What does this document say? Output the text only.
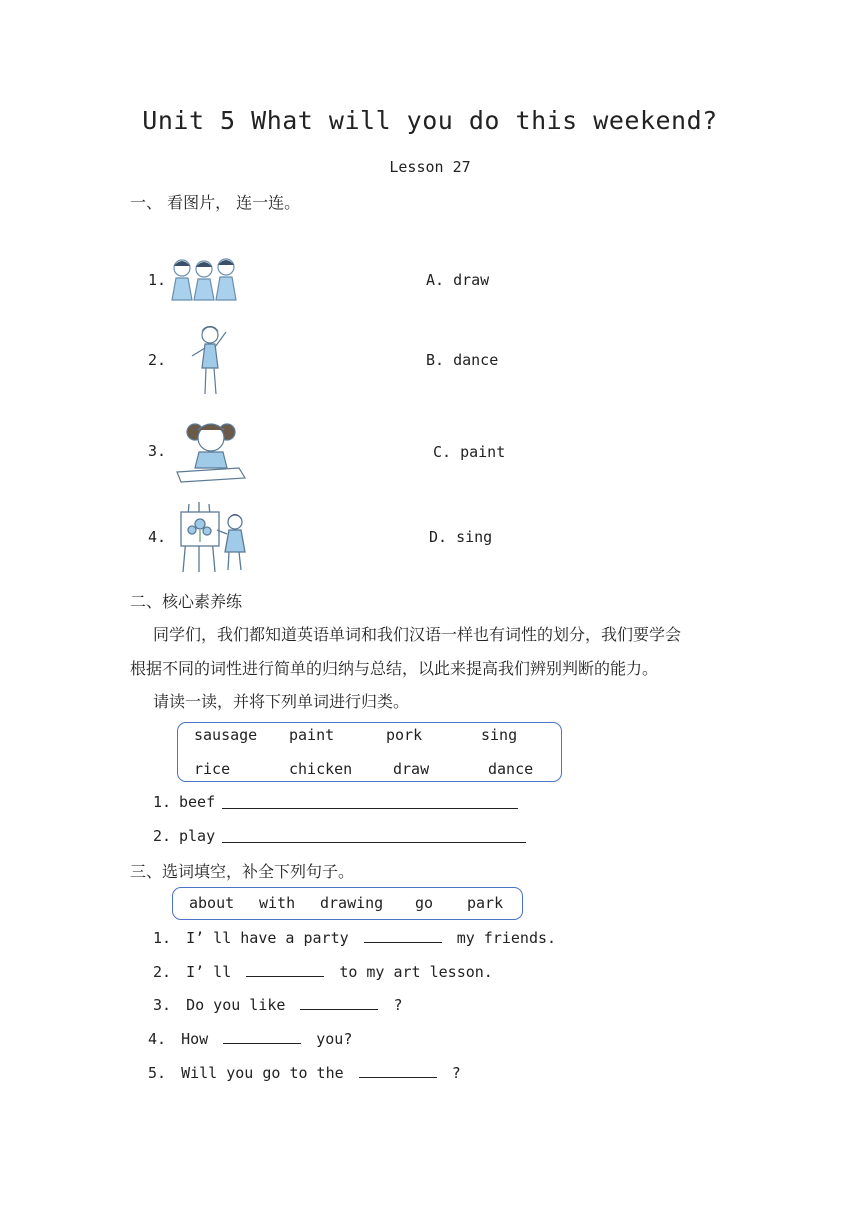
Unit 5 What will you do this weekend?
Lesson 27
一、 看图片， 连一连。
1.
2.
3.
4.
A. draw
B. dance
C. paint
D. sing
二、核心素养练
同学们，我们都知道英语单词和我们汉语一样也有词性的划分，我们要学会
根据不同的词性进行简单的归纳与总结，以此来提高我们辨别判断的能力。
请读一读，并将下列单词进行归类。
sausage paint	pork	sing
rice	chicken	draw	dance
1. beef
2. play
三、选词填空，补全下列句子。
about with drawing go park
1. I’ ll have a party	my friends.
2. I’ ll	to my art lesson.
3. Do you like	?
4. How	you?
5. Will you go to the	?
